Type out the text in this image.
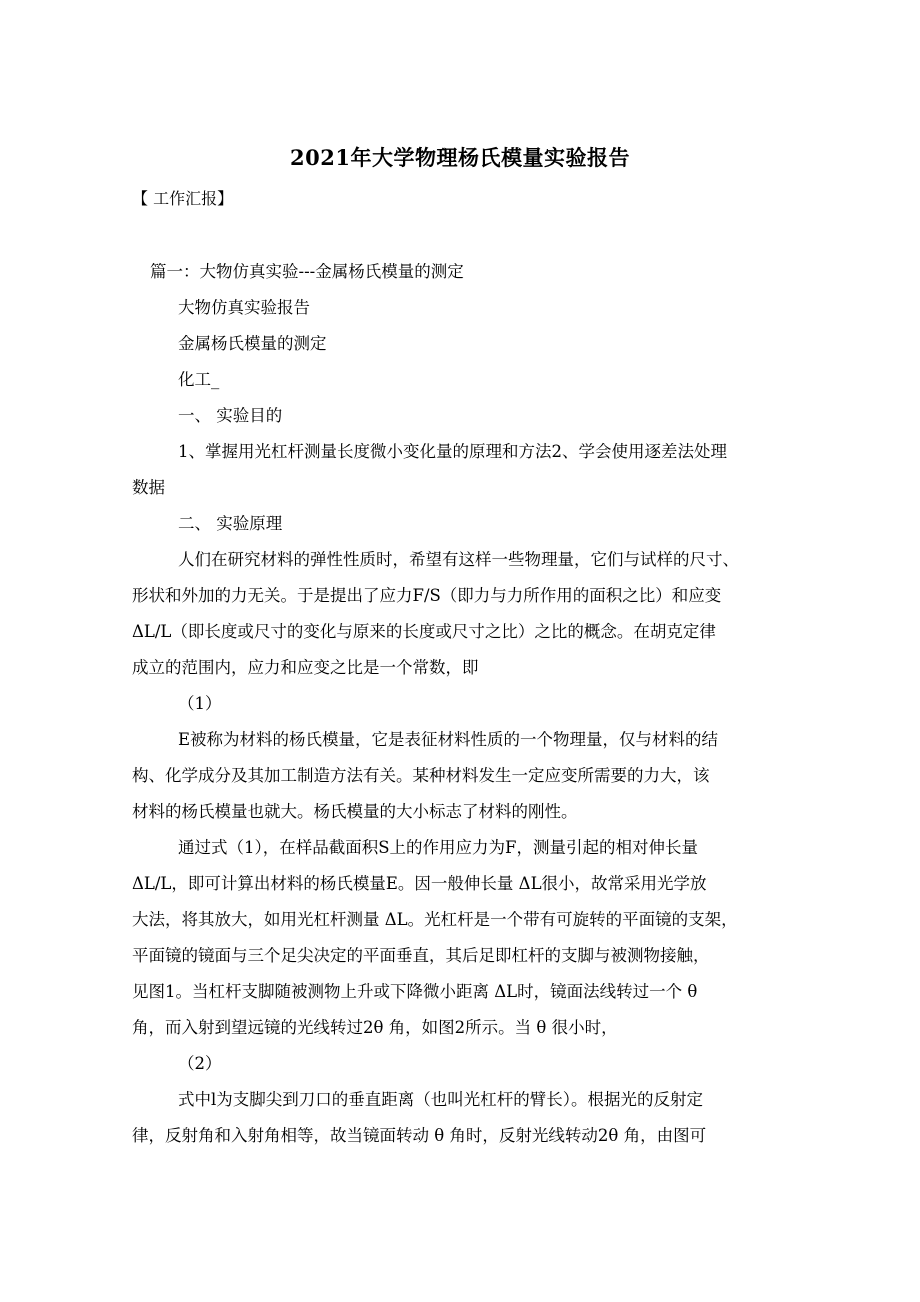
2021年大学物理杨氏模量实验报告
【 工作汇报】
篇一：大物仿真实验---金属杨氏模量的测定
大物仿真实验报告
金属杨氏模量的测定
化工_
一、 实验目的
1、掌握用光杠杆测量长度微小变化量的原理和方法2、学会使用逐差法处理
数据
二、 实验原理
人们在研究材料的弹性性质时，希望有这样一些物理量，它们与试样的尺寸、
形状和外加的力无关。于是提出了应力F/S（即力与力所作用的面积之比）和应变
ΔL/L（即长度或尺寸的变化与原来的长度或尺寸之比）之比的概念。在胡克定律
成立的范围内，应力和应变之比是一个常数，即
（1）
E被称为材料的杨氏模量，它是表征材料性质的一个物理量，仅与材料的结
构、化学成分及其加工制造方法有关。某种材料发生一定应变所需要的力大，该
材料的杨氏模量也就大。杨氏模量的大小标志了材料的刚性。
通过式（1），在样品截面积S上的作用应力为F，测量引起的相对伸长量
ΔL/L，即可计算出材料的杨氏模量E。因一般伸长量 ΔL很小，故常采用光学放
大法，将其放大，如用光杠杆测量 ΔL。光杠杆是一个带有可旋转的平面镜的支架，
平面镜的镜面与三个足尖决定的平面垂直，其后足即杠杆的支脚与被测物接触，
见图1。当杠杆支脚随被测物上升或下降微小距离 ΔL时，镜面法线转过一个 θ
角，而入射到望远镜的光线转过2θ 角，如图2所示。当 θ 很小时，
（2）
式中l为支脚尖到刀口的垂直距离（也叫光杠杆的臂长）。根据光的反射定
律，反射角和入射角相等，故当镜面转动 θ 角时，反射光线转动2θ 角，由图可
